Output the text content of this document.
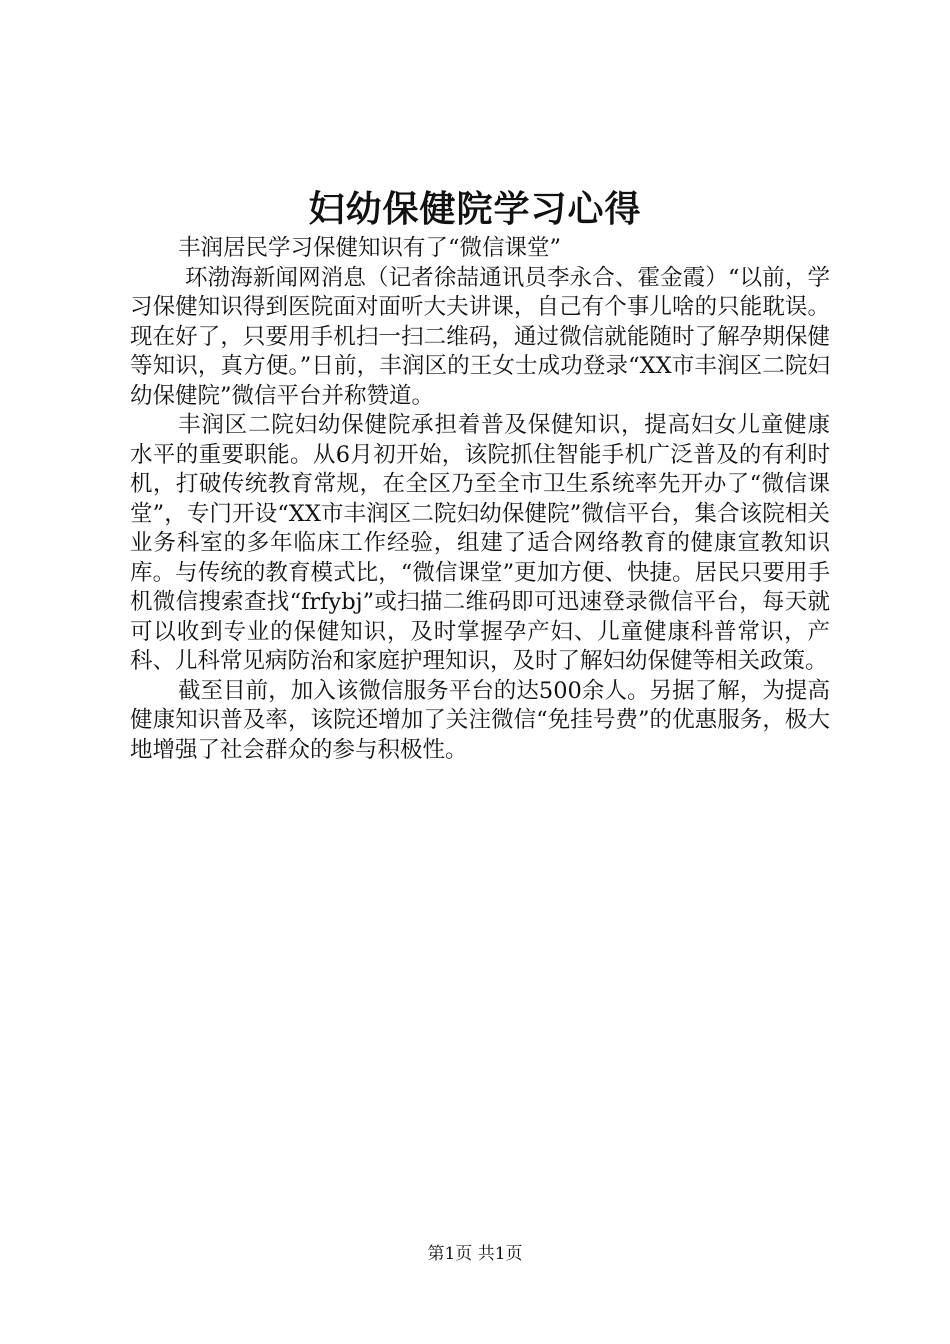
妇幼保健院学习心得

丰润居民学习保健知识有了“微信课堂”

环渤海新闻网消息（记者徐喆通讯员李永合、霍金霞）“以前，学习保健知识得到医院面对面听大夫讲课，自己有个事儿啥的只能耽误。现在好了，只要用手机扫一扫二维码，通过微信就能随时了解孕期保健等知识，真方便。”日前，丰润区的王女士成功登录“XX市丰润区二院妇幼保健院”微信平台并称赞道。

丰润区二院妇幼保健院承担着普及保健知识，提高妇女儿童健康水平的重要职能。从6月初开始，该院抓住智能手机广泛普及的有利时机，打破传统教育常规，在全区乃至全市卫生系统率先开办了“微信课堂”，专门开设“XX市丰润区二院妇幼保健院”微信平台，集合该院相关业务科室的多年临床工作经验，组建了适合网络教育的健康宣教知识库。与传统的教育模式比，“微信课堂”更加方便、快捷。居民只要用手机微信搜索查找“frfybj”或扫描二维码即可迅速登录微信平台，每天就可以收到专业的保健知识，及时掌握孕产妇、儿童健康科普常识，产科、儿科常见病防治和家庭护理知识，及时了解妇幼保健等相关政策。

截至目前，加入该微信服务平台的达500余人。另据了解，为提高健康知识普及率，该院还增加了关注微信“免挂号费”的优惠服务，极大地增强了社会群众的参与积极性。

第1页 共1页
